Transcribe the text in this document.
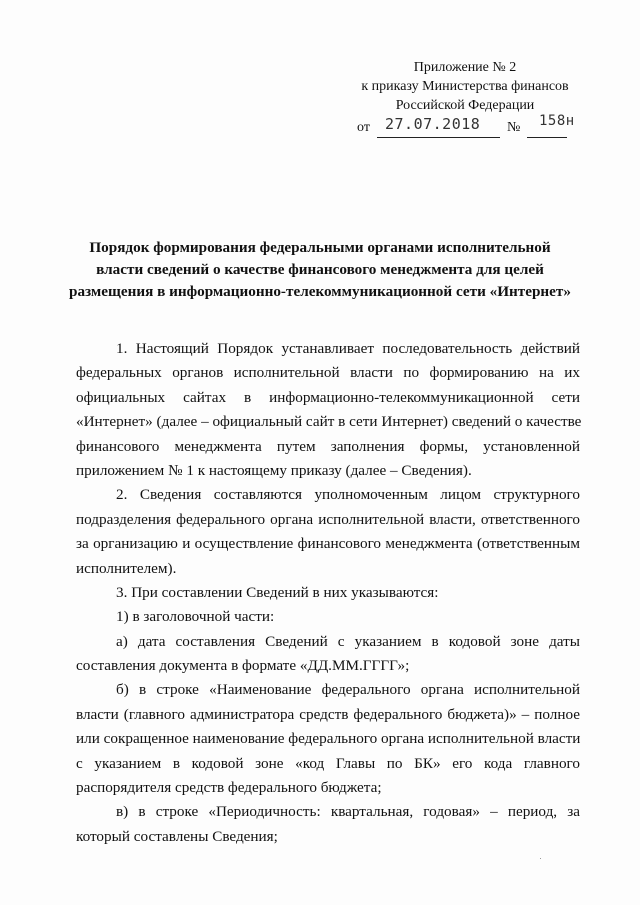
Приложение № 2
к приказу Министерства финансов
Российской Федерации
от 27.07.2018 № 158н
Порядок формирования федеральными органами исполнительной
власти сведений о качестве финансового менеджмента для целей
размещения в информационно-телекоммуникационной сети «Интернет»
1. Настоящий Порядок устанавливает последовательность действий
федеральных органов исполнительной власти по формированию на их
официальных сайтах в информационно-телекоммуникационной сети
«Интернет» (далее – официальный сайт в сети Интернет) сведений о качестве
финансового менеджмента путем заполнения формы, установленной
приложением № 1 к настоящему приказу (далее – Сведения).
2. Сведения составляются уполномоченным лицом структурного
подразделения федерального органа исполнительной власти, ответственного
за организацию и осуществление финансового менеджмента (ответственным
исполнителем).
3. При составлении Сведений в них указываются:
1) в заголовочной части:
а) дата составления Сведений с указанием в кодовой зоне даты
составления документа в формате «ДД.ММ.ГГГГ»;
б) в строке «Наименование федерального органа исполнительной
власти (главного администратора средств федерального бюджета)» – полное
или сокращенное наименование федерального органа исполнительной власти
с указанием в кодовой зоне «код Главы по БК» его кода главного
распорядителя средств федерального бюджета;
в) в строке «Периодичность: квартальная, годовая» – период, за
который составлены Сведения;
